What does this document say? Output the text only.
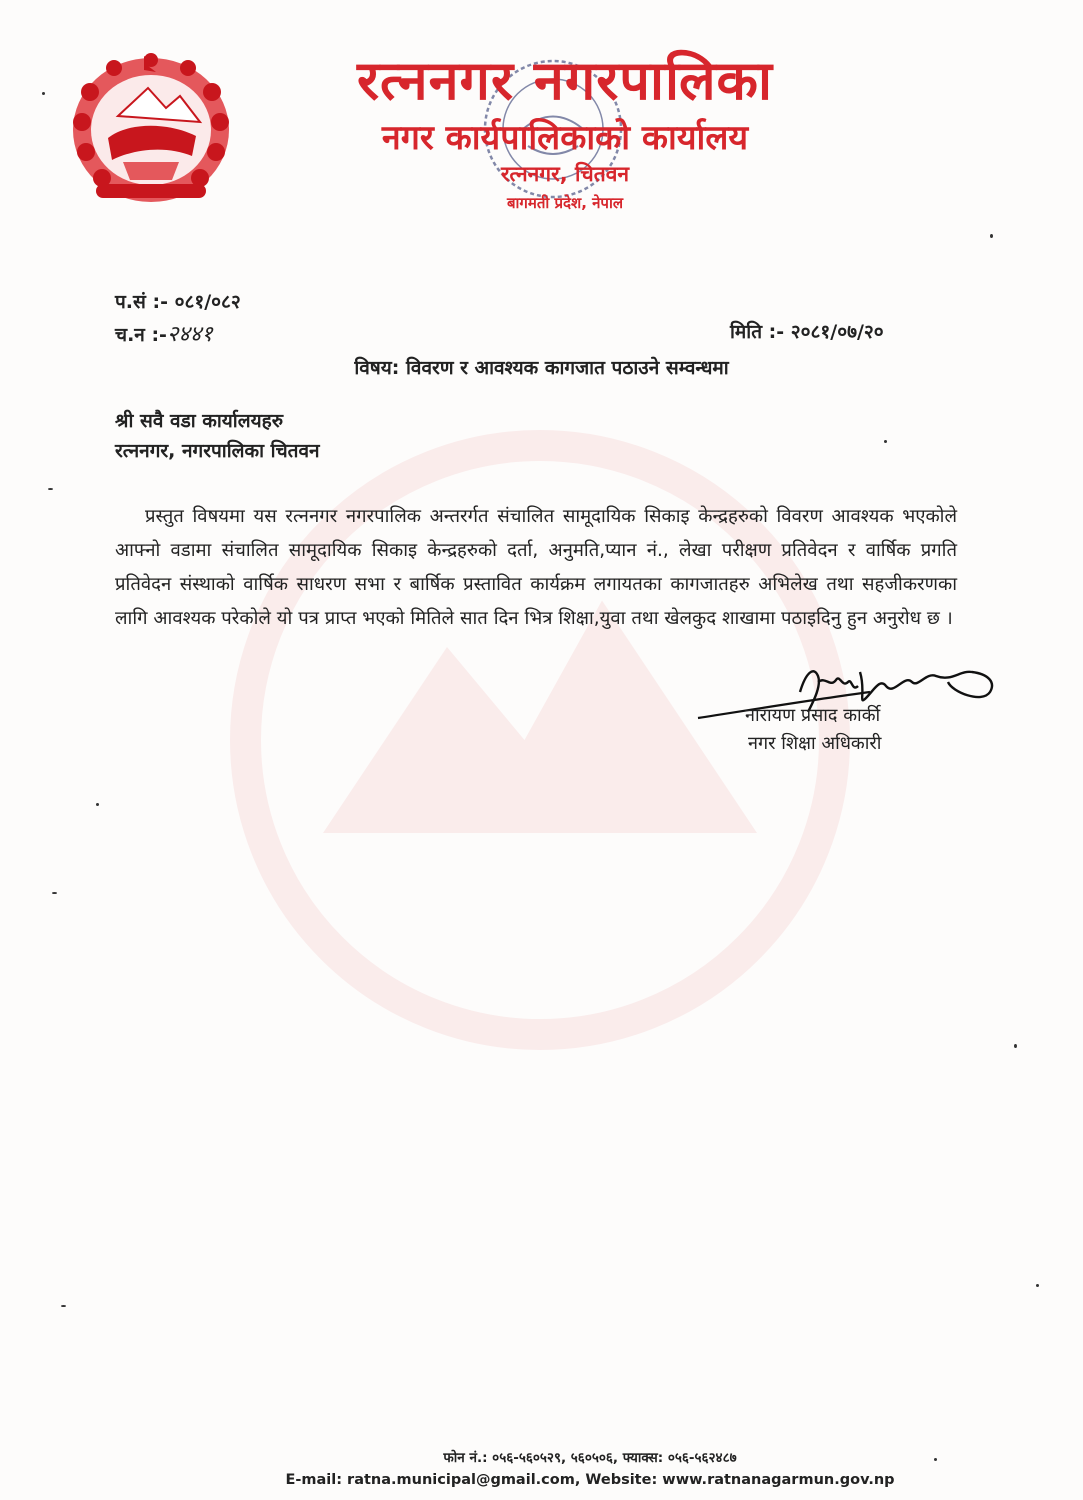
रत्ननगर नगरपालिका
नगर कार्यपालिकाको कार्यालय
रत्ननगर, चितवन
बागमती प्रदेश, नेपाल
प.सं :- ०८१/०८२
च.न :-२४४१	मिति :- २०८१/०७/२०
विषय: विवरण र आवश्यक कागजात पठाउने सम्वन्धमा
श्री सवै वडा कार्यालयहरु
रत्ननगर, नगरपालिका चितवन
प्रस्तुत विषयमा यस रत्ननगर नगरपालिक अन्तरर्गत संचालित सामूदायिक सिकाइ केन्द्रहरुको विवरण आवश्यक भएकोले आफ्नो वडामा संचालित सामूदायिक सिकाइ केन्द्रहरुको दर्ता, अनुमति,प्यान नं., लेखा परीक्षण प्रतिवेदन र वार्षिक प्रगति प्रतिवेदन संस्थाको वार्षिक साधरण सभा र बार्षिक प्रस्तावित कार्यक्रम लगायतका कागजातहरु अभिलेख तथा सहजीकरणका लागि आवश्यक परेकोले यो पत्र प्राप्त भएको मितिले सात दिन भित्र शिक्षा,युवा तथा खेलकुद शाखामा पठाइदिनु हुन अनुरोध छ ।
नारायण प्रसाद कार्की
नगर शिक्षा अधिकारी
फोन नं.: ०५६-५६०५२९, ५६०५०६, फ्याक्स: ०५६-५६२४८७
E-mail: ratna.municipal@gmail.com, Website: www.ratnanagarmun.gov.np
